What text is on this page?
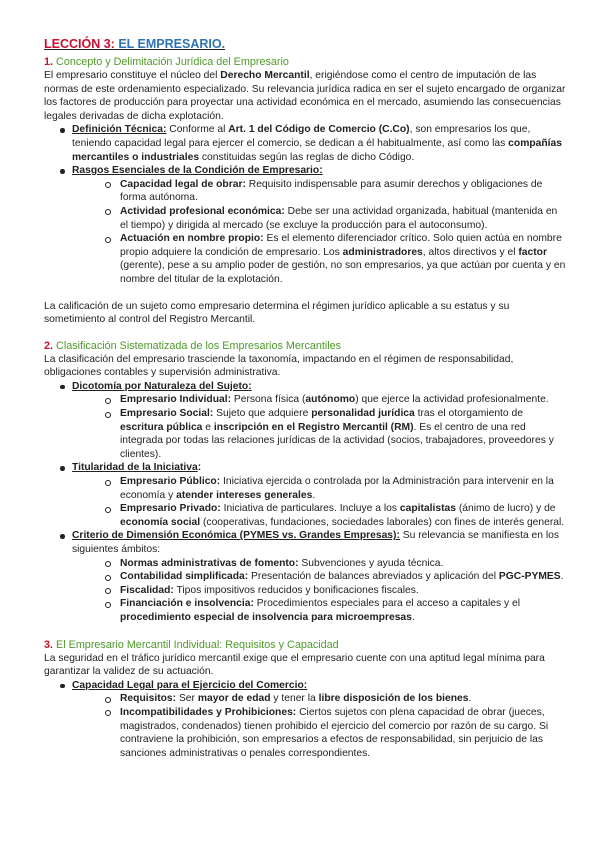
LECCIÓN 3: EL EMPRESARIO.
1. Concepto y Delimitación Jurídica del Empresario

El empresario constituye el núcleo del Derecho Mercantil, erigiéndose como el centro de imputación de las normas de este ordenamiento especializado. Su relevancia jurídica radica en ser el sujeto encargado de organizar los factores de producción para proyectar una actividad económica en el mercado, asumiendo las consecuencias legales derivadas de dicha explotación.

Definición Técnica: Conforme al Art. 1 del Código de Comercio (C.Co), son empresarios los que, teniendo capacidad legal para ejercer el comercio, se dedican a él habitualmente, así como las compañías mercantiles o industriales constituidas según las reglas de dicho Código.
Rasgos Esenciales de la Condición de Empresario:
Capacidad legal de obrar: Requisito indispensable para asumir derechos y obligaciones de forma autónoma.
Actividad profesional económica: Debe ser una actividad organizada, habitual (mantenida en el tiempo) y dirigida al mercado (se excluye la producción para el autoconsumo).
Actuación en nombre propio: Es el elemento diferenciador crítico. Solo quien actúa en nombre propio adquiere la condición de empresario. Los administradores, altos directivos y el factor (gerente), pese a su amplio poder de gestión, no son empresarios, ya que actúan por cuenta y en nombre del titular de la explotación.

La calificación de un sujeto como empresario determina el régimen jurídico aplicable a su estatus y su sometimiento al control del Registro Mercantil.

2. Clasificación Sistematizada de los Empresarios Mercantiles

La clasificación del empresario trasciende la taxonomía, impactando en el régimen de responsabilidad, obligaciones contables y supervisión administrativa.

Dicotomía por Naturaleza del Sujeto:
Empresario Individual: Persona física (autónomo) que ejerce la actividad profesionalmente.
Empresario Social: Sujeto que adquiere personalidad jurídica tras el otorgamiento de escritura pública e inscripción en el Registro Mercantil (RM). Es el centro de una red integrada por todas las relaciones jurídicas de la actividad (socios, trabajadores, proveedores y clientes).
Titularidad de la Iniciativa:
Empresario Público: Iniciativa ejercida o controlada por la Administración para intervenir en la economía y atender intereses generales.
Empresario Privado: Iniciativa de particulares. Incluye a los capitalistas (ánimo de lucro) y de economía social (cooperativas, fundaciones, sociedades laborales) con fines de interés general.
Criterio de Dimensión Económica (PYMES vs. Grandes Empresas): Su relevancia se manifiesta en los siguientes ámbitos:
Normas administrativas de fomento: Subvenciones y ayuda técnica.
Contabilidad simplificada: Presentación de balances abreviados y aplicación del PGC-PYMES.
Fiscalidad: Tipos impositivos reducidos y bonificaciones fiscales.
Financiación e insolvencia: Procedimientos especiales para el acceso a capitales y el procedimiento especial de insolvencia para microempresas.
3. El Empresario Mercantil Individual: Requisitos y Capacidad

La seguridad en el tráfico jurídico mercantil exige que el empresario cuente con una aptitud legal mínima para garantizar la validez de su actuación.

Capacidad Legal para el Ejercicio del Comercio:
Requisitos: Ser mayor de edad y tener la libre disposición de los bienes.
Incompatibilidades y Prohibiciones: Ciertos sujetos con plena capacidad de obrar (jueces, magistrados, condenados) tienen prohibido el ejercicio del comercio por razón de su cargo. Si contraviene la prohibición, son empresarios a efectos de responsabilidad, sin perjuicio de las sanciones administrativas o penales correspondientes.
